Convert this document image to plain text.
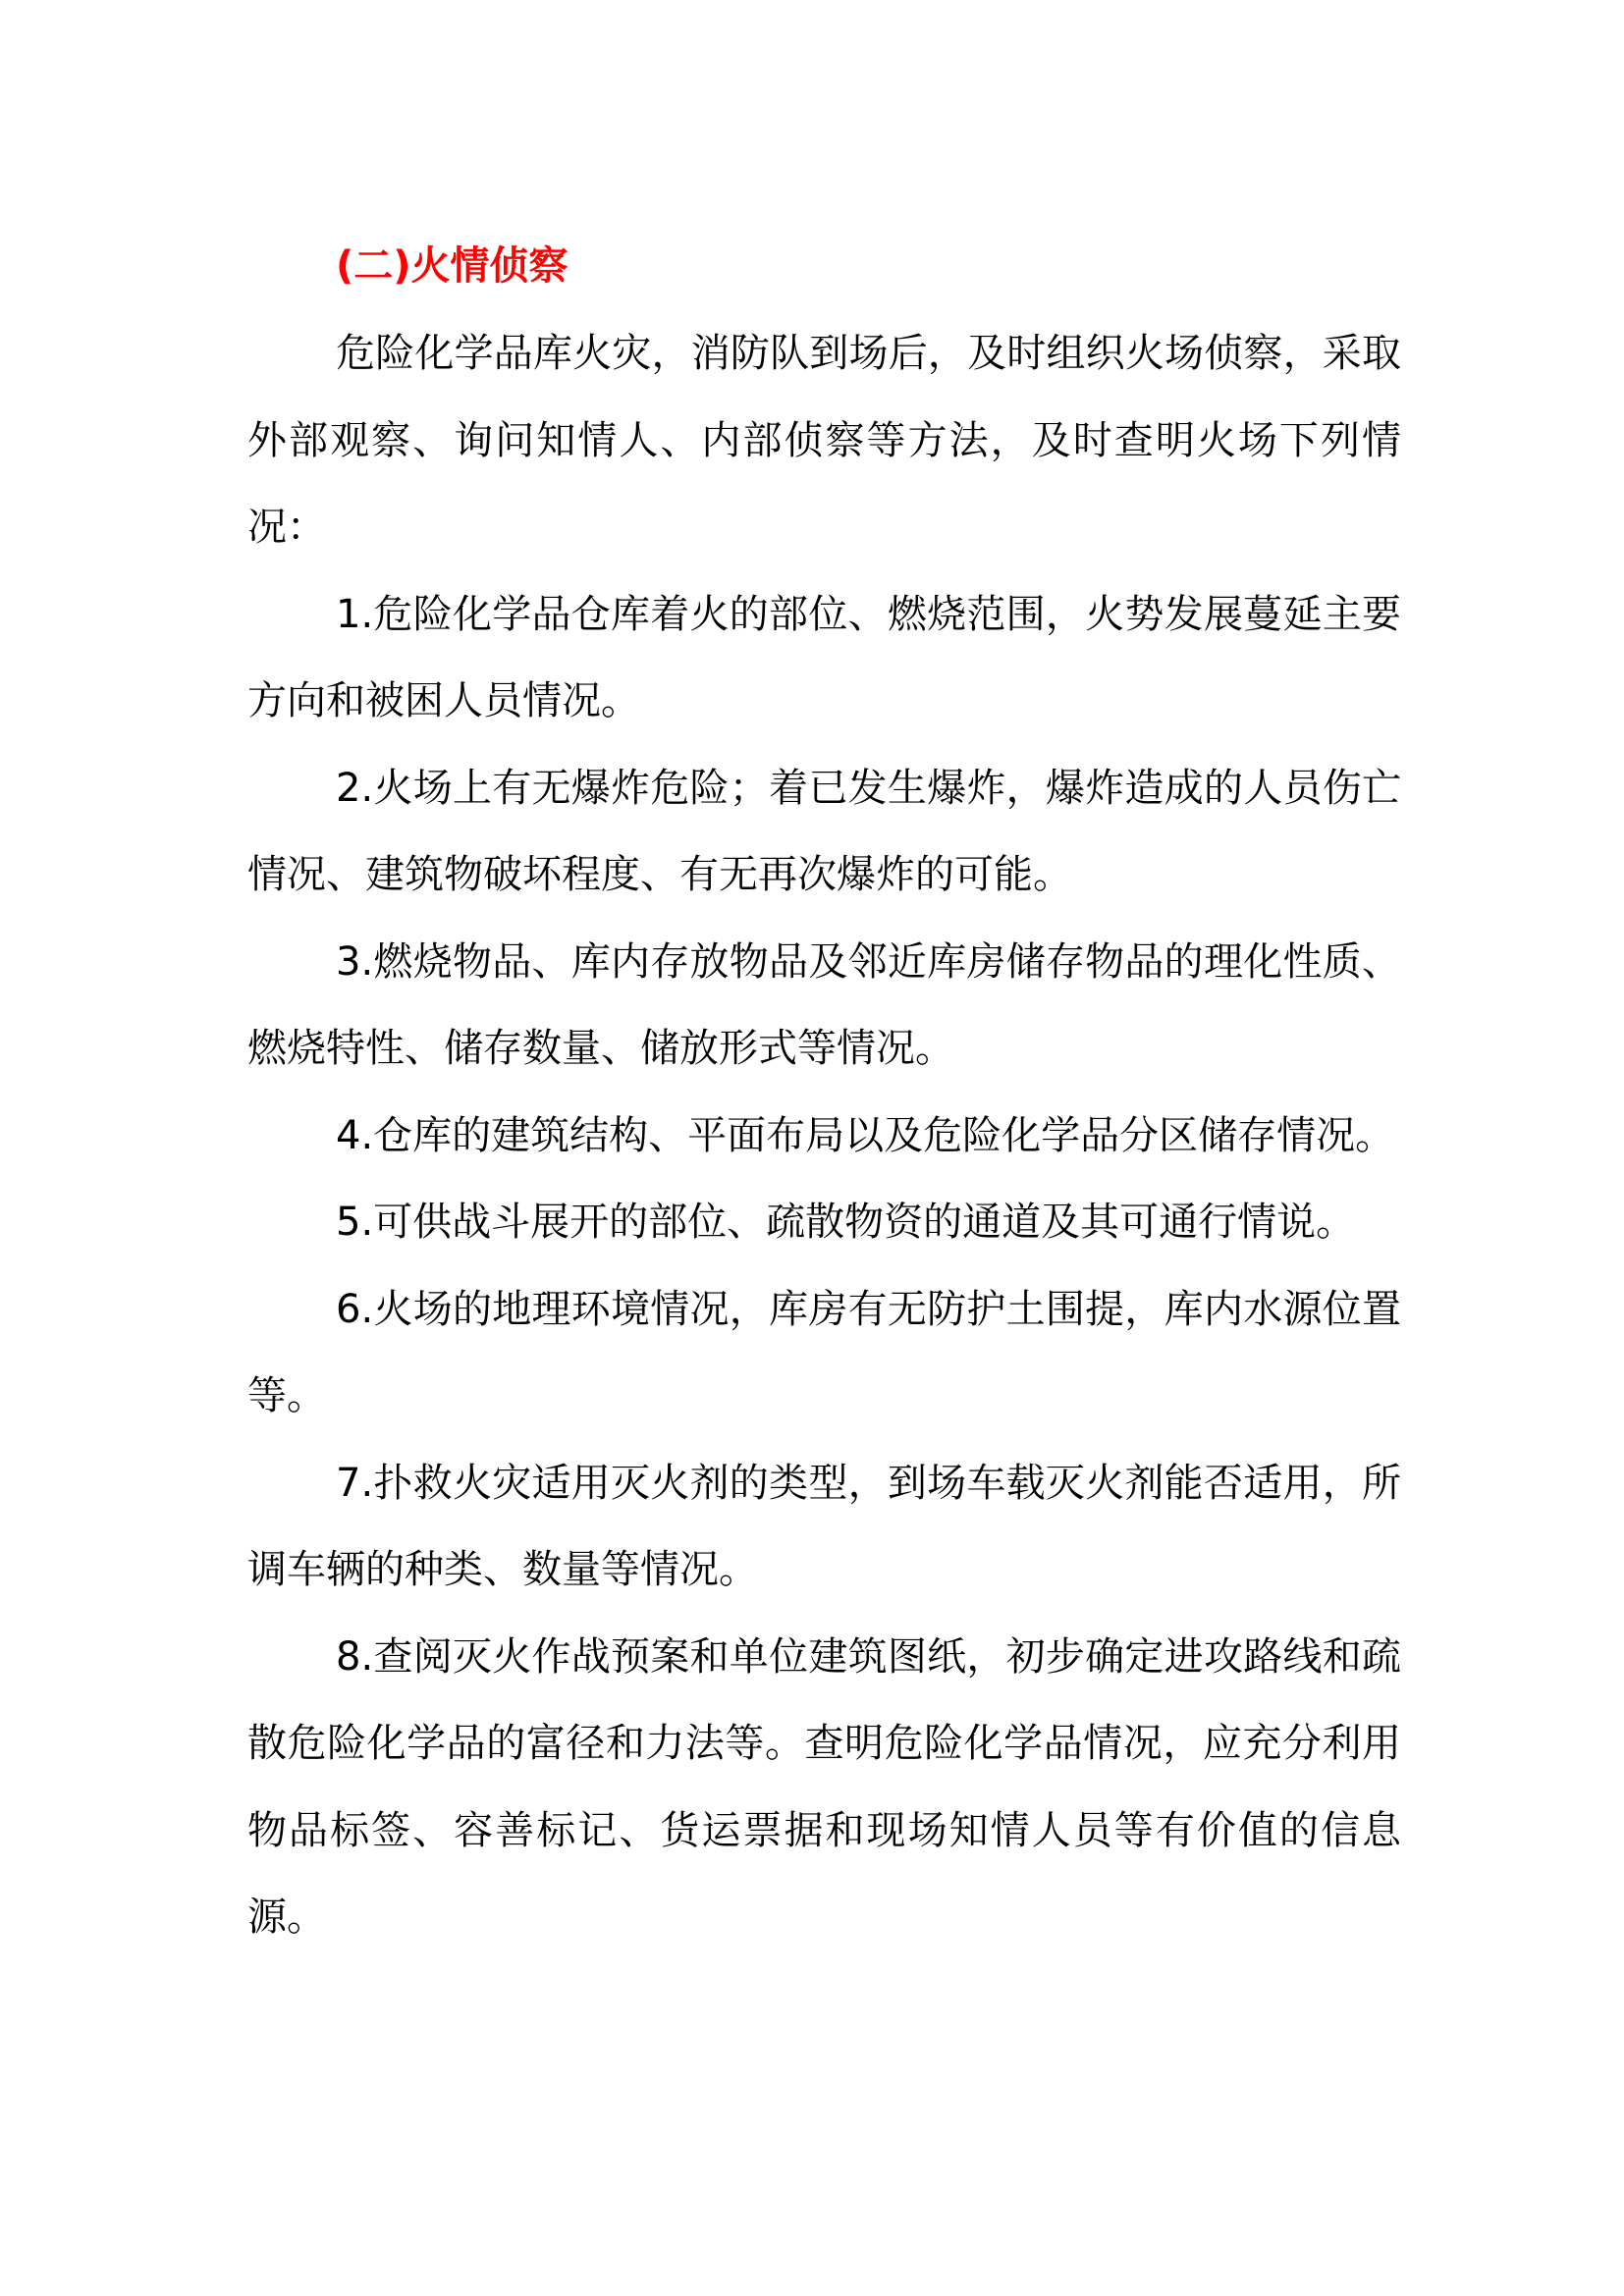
(二)火情侦察

危险化学品库火灾，消防队到场后，及时组织火场侦察，采取外部观察、询问知情人、内部侦察等方法，及时查明火场下列情况：

1.危险化学品仓库着火的部位、燃烧范围，火势发展蔓延主要方向和被困人员情况。

2.火场上有无爆炸危险；着已发生爆炸，爆炸造成的人员伤亡情况、建筑物破坏程度、有无再次爆炸的可能。

3.燃烧物品、库内存放物品及邻近库房储存物品的理化性质、燃烧特性、储存数量、储放形式等情况。

4.仓库的建筑结构、平面布局以及危险化学品分区储存情况。

5.可供战斗展开的部位、疏散物资的通道及其可通行情说。

6.火场的地理环境情况，库房有无防护土围提，库内水源位置等。

7.扑救火灾适用灭火剂的类型，到场车载灭火剂能否适用，所调车辆的种类、数量等情况。

8.查阅灭火作战预案和单位建筑图纸，初步确定进攻路线和疏散危险化学品的富径和力法等。查明危险化学品情况，应充分利用物品标签、容善标记、货运票据和现场知情人员等有价值的信息源。
